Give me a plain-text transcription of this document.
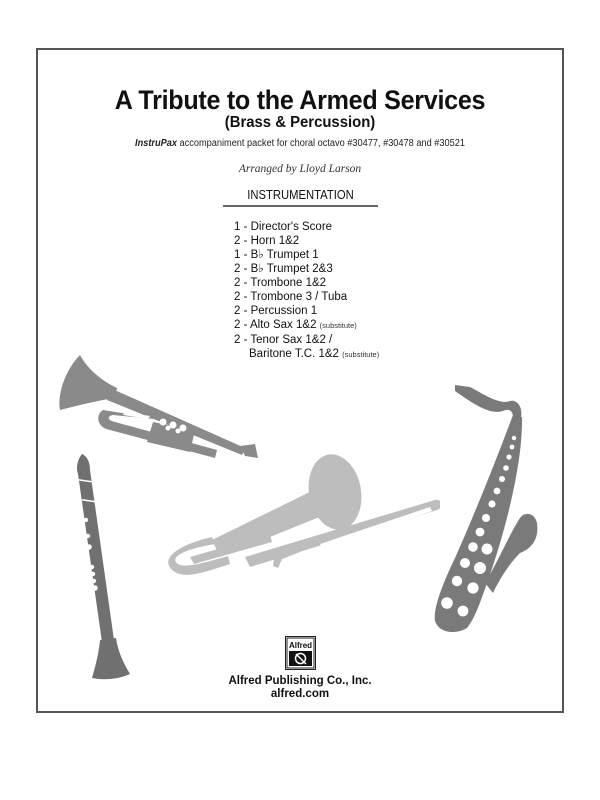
A Tribute to the Armed Services
(Brass & Percussion)
InstruPax accompaniment packet for choral octavo #30477, #30478 and #30521
Arranged by Lloyd Larson
INSTRUMENTATION
1 - Director's Score
2 - Horn 1&2
1 - B♭ Trumpet 1
2 - B♭ Trumpet 2&3
2 - Trombone 1&2
2 - Trombone 3 / Tuba
2 - Percussion 1
2 - Alto Sax 1&2 (substitute)
2 - Tenor Sax 1&2 /
Baritone T.C. 1&2 (substitute)
Alfred
Alfred Publishing Co., Inc.
alfred.com
